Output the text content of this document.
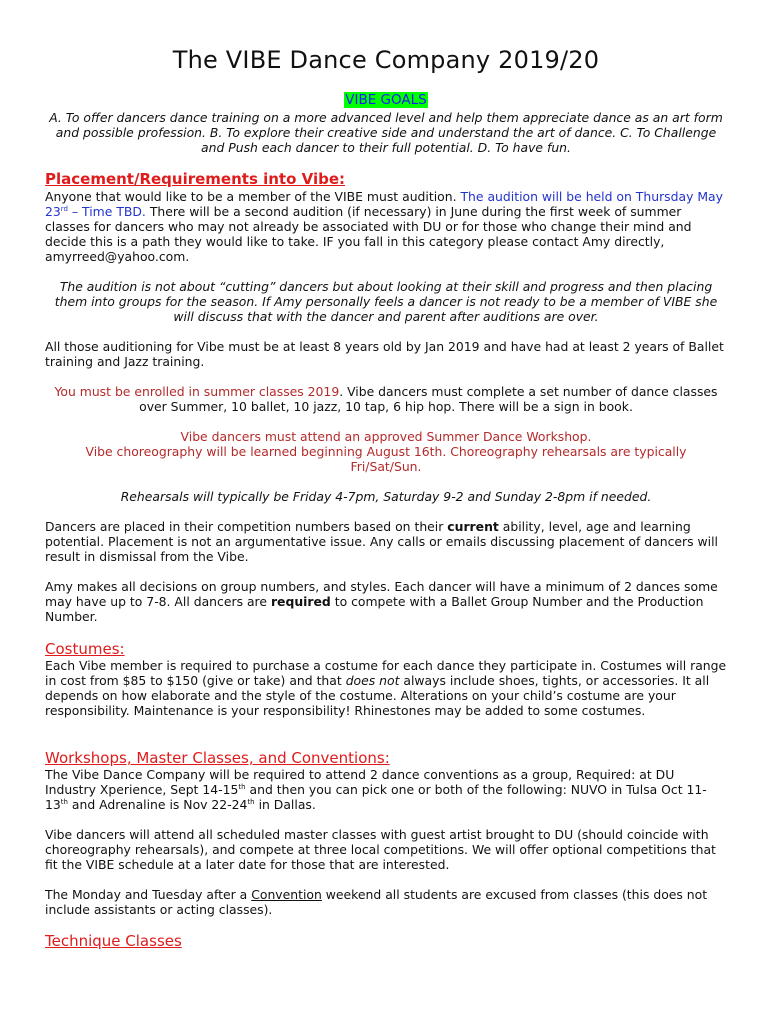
The VIBE Dance Company 2019/20
VIBE GOALS

A. To offer dancers dance training on a more advanced level and help them appreciate dance as an art form and possible profession. B. To explore their creative side and understand the art of dance. C. To Challenge and Push each dancer to their full potential. D. To have fun.

Placement/Requirements into Vibe:

Anyone that would like to be a member of the VIBE must audition. The audition will be held on Thursday May 23rd – Time TBD. There will be a second audition (if necessary) in June during the first week of summer classes for dancers who may not already be associated with DU or for those who change their mind and decide this is a path they would like to take. IF you fall in this category please contact Amy directly, amyrreed@yahoo.com.

The audition is not about “cutting” dancers but about looking at their skill and progress and then placing them into groups for the season. If Amy personally feels a dancer is not ready to be a member of VIBE she will discuss that with the dancer and parent after auditions are over.

All those auditioning for Vibe must be at least 8 years old by Jan 2019 and have had at least 2 years of Ballet training and Jazz training.

You must be enrolled in summer classes 2019. Vibe dancers must complete a set number of dance classes over Summer, 10 ballet, 10 jazz, 10 tap, 6 hip hop. There will be a sign in book.

Vibe dancers must attend an approved Summer Dance Workshop.

Vibe choreography will be learned beginning August 16th. Choreography rehearsals are typically Fri/Sat/Sun.

Rehearsals will typically be Friday 4-7pm, Saturday 9-2 and Sunday 2-8pm if needed.

Dancers are placed in their competition numbers based on their current ability, level, age and learning potential. Placement is not an argumentative issue. Any calls or emails discussing placement of dancers will result in dismissal from the Vibe.

Amy makes all decisions on group numbers, and styles. Each dancer will have a minimum of 2 dances some may have up to 7-8. All dancers are required to compete with a Ballet Group Number and the Production Number.

Costumes:

Each Vibe member is required to purchase a costume for each dance they participate in. Costumes will range in cost from $85 to $150 (give or take) and that does not always include shoes, tights, or accessories. It all depends on how elaborate and the style of the costume. Alterations on your child’s costume are your responsibility. Maintenance is your responsibility! Rhinestones may be added to some costumes.

Workshops, Master Classes, and Conventions:

The Vibe Dance Company will be required to attend 2 dance conventions as a group, Required: at DU Industry Xperience, Sept 14-15th and then you can pick one or both of the following: NUVO in Tulsa Oct 11-13th and Adrenaline is Nov 22-24th in Dallas.

Vibe dancers will attend all scheduled master classes with guest artist brought to DU (should coincide with choreography rehearsals), and compete at three local competitions. We will offer optional competitions that fit the VIBE schedule at a later date for those that are interested.

The Monday and Tuesday after a Convention weekend all students are excused from classes (this does not include assistants or acting classes).

Technique Classes
